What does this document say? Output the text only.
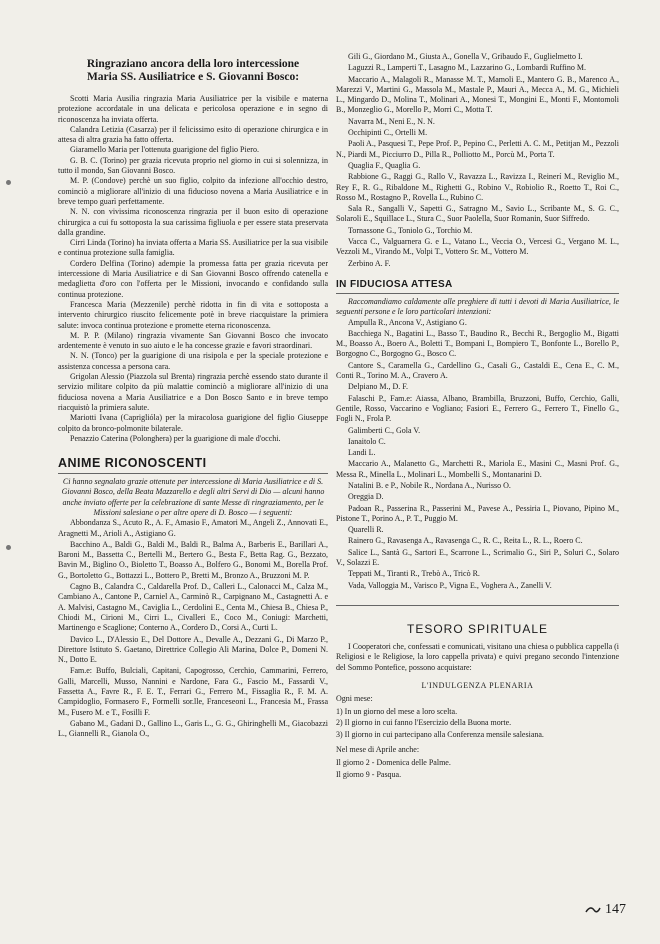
Ringraziano ancora della loro intercessione
Maria SS. Ausiliatrice e S. Giovanni Bosco:

Scotti Maria Ausilia ringrazia Maria Ausiliatrice per la visibile e materna protezione accordatale in una delicata e pericolosa operazione e in segno di riconoscenza ha inviata offerta.

Calandra Letizia (Casarza) per il felicissimo esito di operazione chirurgica e in attesa di altra grazia ha fatto offerta.

Giaramello Maria per l'ottenuta guarigione del figlio Piero.

G. B. C. (Torino) per grazia ricevuta proprio nel giorno in cui si solennizza, in tutto il mondo, San Giovanni Bosco.

M. P. (Condove) perchè un suo figlio, colpito da infezione all'occhio destro, cominciò a migliorare all'inizio di una fiducioso novena a Maria Ausiliatrice e in breve tempo guarì perfettamente.

N. N. con vivissima riconoscenza ringrazia per il buon esito di operazione chirurgica a cui fu sottoposta la sua carissima figliuola e per essere stata preservata dalla grandine.

Cirri Linda (Torino) ha inviata offerta a Maria SS. Ausiliatrice per la sua visibile e continua protezione sulla famiglia.

Cordero Delfina (Torino) adempie la promessa fatta per grazia ricevuta per intercessione di Maria Ausiliatrice e di San Giovanni Bosco offrendo catenella e medaglietta d'oro con l'offerta per le Missioni, invocando e confidando sulla continua protezione.

Francesca Maria (Mezzenile) perchè ridotta in fin di vita e sottoposta a intervento chirurgico riuscito felicemente potè in breve riacquistare la primiera salute: invoca continua protezione e promette eterna riconoscenza.

M. P. P. (Milano) ringrazia vivamente San Giovanni Bosco che invocato ardentemente è venuto in suo aiuto e le ha concesse grazie e favori straordinari.

N. N. (Tonco) per la guarigione di una risipola e per la speciale protezione e assistenza concessa a persona cara.

Grigolan Alessio (Piazzola sul Brenta) ringrazia perchè essendo stato durante il servizio militare colpito da più malattie cominciò a migliorare all'inizio di una fiduciosa novena a Maria Ausiliatrice e a Don Bosco Santo e in breve tempo riacquistò la primiera salute.

Mariotti Ivana (Capriglióla) per la miracolosa guarigione del figlio Giuseppe colpito da bronco-polmonite bilaterale.

Penazzio Caterina (Polonghera) per la guarigione di male d'occhi.

ANIME RICONOSCENTI

Ci hanno segnalato grazie ottenute per intercessione di Maria Ausiliatrice e di S. Giovanni Bosco, della Beata Mazzarello e degli altri Servi di Dio — alcuni hanno anche inviato offerte per la celebrazione di sante Messe di ringraziamento, per le Missioni salesiane o per altre opere di D. Bosco — i seguenti:

Abbondanza S., Acuto R., A. F., Amasio F., Amatori M., Angeli Z., Annovati E., Aragnetti M., Arioli A., Astigiano G.

Bacchino A., Baldi G., Baldi M., Baldi R., Balma A., Barberis E., Barillari A., Baroni M., Bassetta C., Bertelli M., Bertero G., Besta F., Betta Rag. G., Bezzato, Bavin M., Biglino O., Bioletto T., Boasso A., Bolfero G., Bonomi M., Borella Prof. G., Bortoletto G., Bottazzi L., Bottero P., Bretti M., Bronzo A., Bruzzoni M. P.

Cagno B., Calandra C., Caldarella Prof. D., Calleri L., Calonacci M., Calza M., Cambiano A., Cantone P., Carniel A., Carminò R., Carpignano M., Castagnetti A. e A. Malvisi, Castagno M., Caviglia L., Cerdolini E., Centa M., Chiesa B., Chiesa P., Chiodi M., Cirioni M., Cirri L., Civalleri E., Coco M., Coniugi: Marchetti, Martinengo e Scaglione; Conterno A., Cordero D., Corsi A., Curti L.

Davico L., D'Alessio E., Del Dottore A., Devalle A., Dezzani G., Di Marzo P., Direttore Istituto S. Gaetano, Direttrice Collegio Ali Marina, Dolce P., Domeni N. N., Dotto E.

Fam.e: Buffo, Bulciali, Capitani, Capogrosso, Cerchio, Cammarini, Ferrero, Galli, Marcelli, Musso, Nannini e Nardone, Fara G., Fascio M., Fassardi V., Fassetta A., Favre R., F. E. T., Ferrari G., Ferrero M., Fissaglia R., F. M. A. Campidoglio, Formasero F., Formelli sor.lle, Franceseoni L., Francesia M., Frassa M., Fusero M. e T., Fosilli F.

Gabano M., Gadani D., Gallino L., Garis L., G. G., Ghiringhelli M., Giacobazzi L., Giannelli R., Gianola O.,

Gili G., Giordano M., Giusta A., Gonella V., Gribaudo F., Guglielmetto I.

Laguzzi R., Lamperti T., Lasagno M., Lazzarino G., Lombardi Ruffino M.

Maccario A., Malagoli R., Manasse M. T., Mamoli E., Mantero G. B., Marenco A., Marezzi V., Martini G., Massola M., Mastale P., Mauri A., Mecca A., M. G., Michieli L., Mingardo D., Molina T., Molinari A., Monesi T., Mongini E., Monti F., Montomoli B., Monzeglio G., Morello P., Morri C., Motta T.

Navarra M., Neni E., N. N.

Occhipinti C., Ortelli M.

Paoli A., Pasquesi T., Pepe Prof. P., Pepino C., Perletti A. C. M., Petitjan M., Pezzoli N., Piardi M., Picciurro D., Pilla R., Polliotto M., Porcù M., Porta T.

Quaglia F., Quaglia G.

Rabbione G., Raggi G., Rallo V., Ravazza L., Ravizza I., Reinerí M., Reviglio M., Rey F., R. G., Ribaldone M., Righetti G., Robino V., Robiolio R., Roetto T., Roi C., Rosso M., Rostagno P., Rovella L., Rubino C.

Sala R., Sangalli V., Sapetti G., Satragno M., Savio L., Scribante M., S. G. C., Solaroli E., Squillace L., Stura C., Suor Paolella, Suor Romanin, Suor Siffredo.

Tornassone G., Toniolo G., Torchio M.

Vacca C., Valguarnera G. e L., Vatano L., Veccia O., Vercesi G., Vergano M. L., Vezzoli M., Virando M., Volpi T., Vottero Sr. M., Vottero M.

Zerbino A. F.

IN FIDUCIOSA ATTESA

Raccomandiamo caldamente alle preghiere di tutti i devoti di Maria Ausiliatrice, le seguenti persone e le loro particolari intenzioni:

Ampulla R., Ancona V., Astigiano G.

Bacchiega N., Bagatini L., Basso T., Baudino R., Becchi R., Bergoglio M., Bigatti M., Boasso A., Boero A., Boletti T., Bompani I., Bompiero T., Bonfonte L., Borello P., Borgogno C., Borgogno G., Bosco C.

Cantore S., Caramella G., Cardellino G., Casali G., Castaldi E., Cena E., C. M., Conti R., Torino M. A., Cravero A.

Delpiano M., D. F.

Falaschi P., Fam.e: Aiassa, Albano, Brambilla, Bruzzoni, Buffo, Cerchio, Galli, Gentile, Rosso, Vaccarino e Vogliano; Fasiori E., Ferrero G., Ferrero T., Finello G., Fogli N., Frola P.

Galimberti C., Gola V.

Ianaitolo C.

Landi L.

Maccario A., Malanetto G., Marchetti R., Mariola E., Masini C., Masni Prof. G., Messa R., Minella L., Molinari L., Mombelli S., Montanarini D.

Natalini B. e P., Nobile R., Nordana A., Nurisso O.

Oreggia D.

Padoan R., Passerina R., Passerini M., Pavese A., Pessiria I., Piovano, Pipino M., Pistone T., Porino A., P. T., Puggio M.

Quarelli R.

Rainero G., Ravasenga A., Ravasenga C., R. C., Reita L., R. L., Roero C.

Salice L., Santà G., Sartori E., Scarrone L., Scrimalio G., Siri P., Soluri C., Solaro V., Solazzi E.

Teppati M., Tiranti R., Trebò A., Tricò R.

Vada, Valloggia M., Varisco P., Vigna E., Voghera A., Zanelli V.

TESORO SPIRITUALE

I Cooperatori che, confessati e comunicati, visitano una chiesa o pubblica cappella (i Religiosi e le Religiose, la loro cappella privata) e quivi pregano secondo l'intenzione del Sommo Pontefice, possono acquistare:

L'INDULGENZA PLENARIA

Ogni mese:

1) In un giorno del mese a loro scelta.

2) Il giorno in cui fanno l'Esercizio della Buona morte.

3) Il giorno in cui partecipano alla Conferenza mensile salesiana.

Nel mese di Aprile anche:

Il giorno 2 - Domenica delle Palme.

Il giorno 9 - Pasqua.

147
